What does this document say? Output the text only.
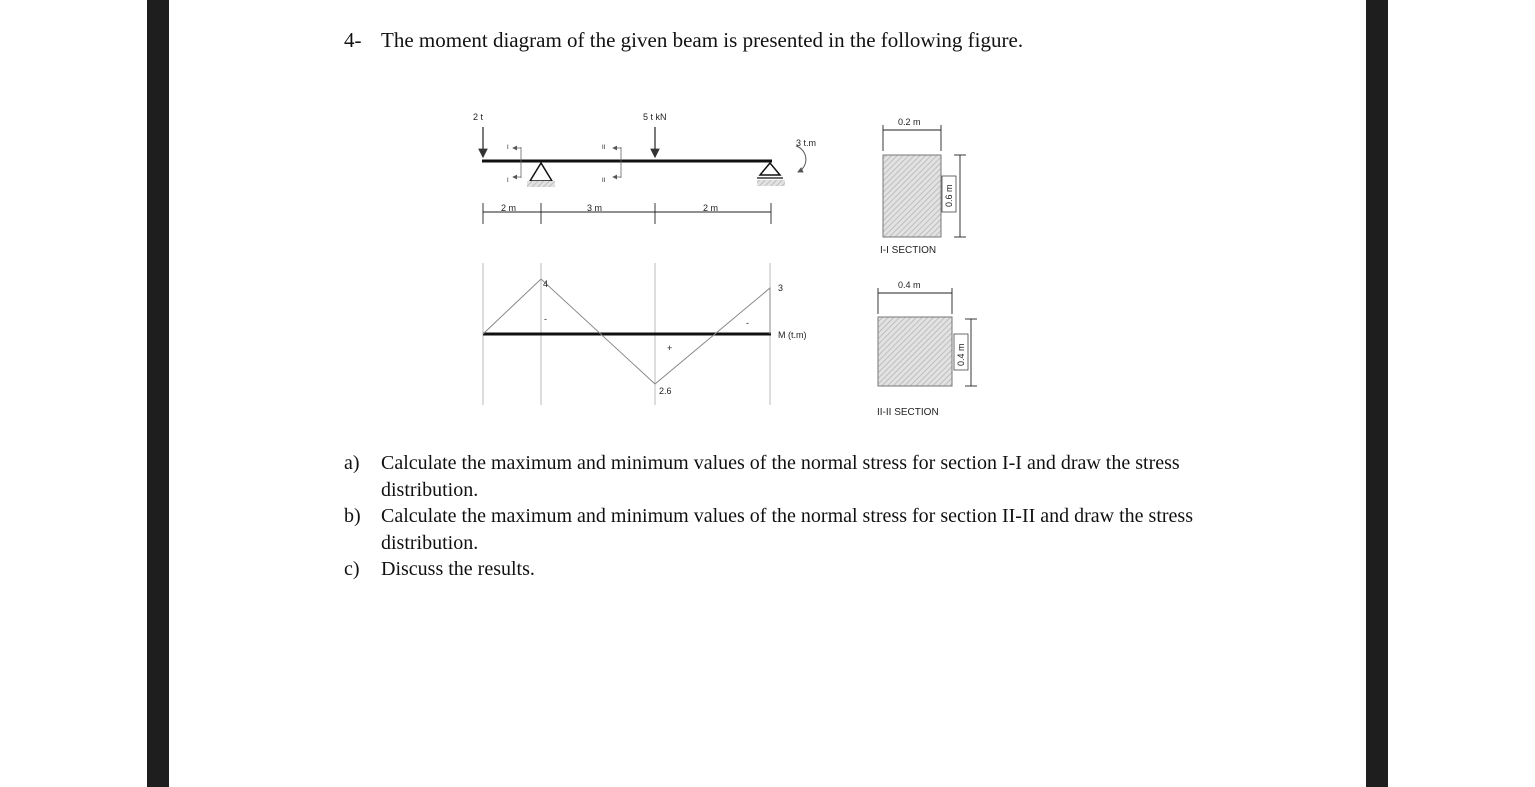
4- The moment diagram of the given beam is presented in the following figure.
2 t	5 t kN
3 t.m
I
I
II
II
2 m	3 m	2 m
4	3
2.6
-	-
+
M (t.m)
0.2 m
0.6 m
I-I SECTION
0.4 m
0.4 m
II-II SECTION
a) Calculate the maximum and minimum values of the normal stress for section I-I and draw the stress distribution.
b) Calculate the maximum and minimum values of the normal stress for section II-II and draw the stress distribution.
c) Discuss the results.
